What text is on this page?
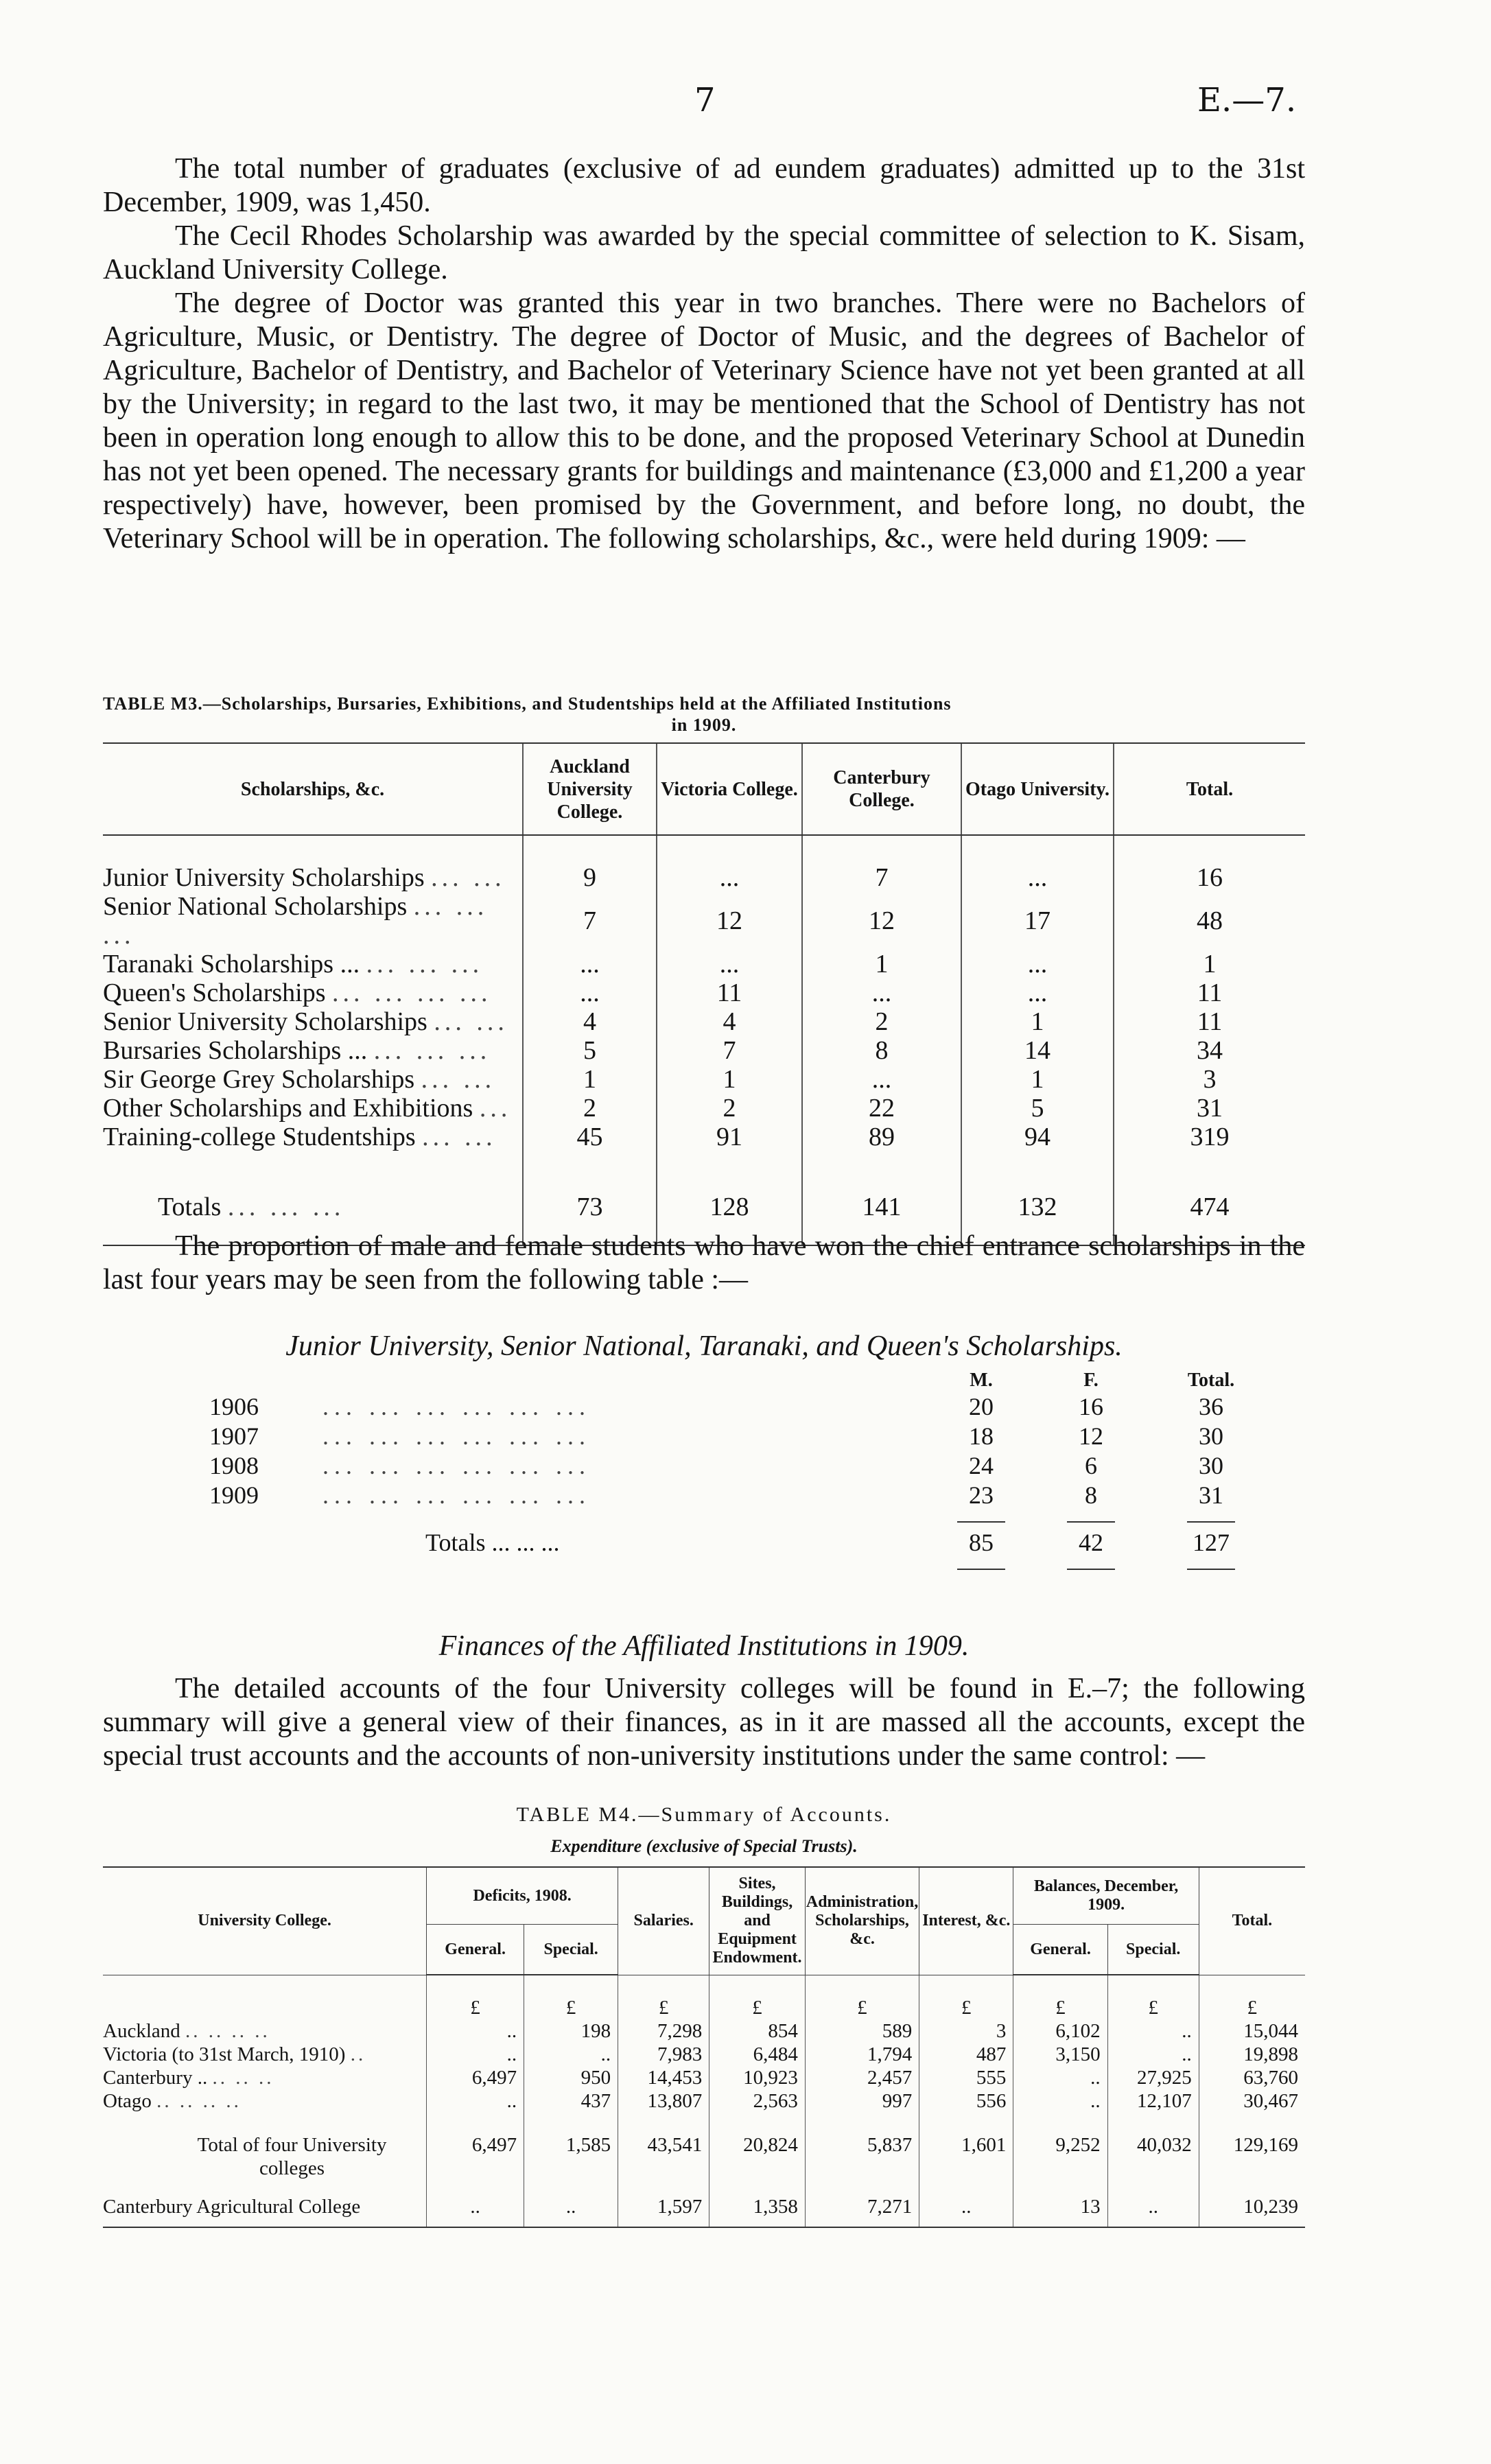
7	E.—7.

The total number of graduates (exclusive of ad eundem graduates) admitted up to the 31st December, 1909, was 1,450.

The Cecil Rhodes Scholarship was awarded by the special committee of selection to K. Sisam, Auckland University College.

The degree of Doctor was granted this year in two branches. There were no Bachelors of Agriculture, Music, or Dentistry. The degree of Doctor of Music, and the degrees of Bachelor of Agriculture, Bachelor of Dentistry, and Bachelor of Veterinary Science have not yet been granted at all by the University; in regard to the last two, it may be mentioned that the School of Dentistry has not been in operation long enough to allow this to be done, and the proposed Veterinary School at Dunedin has not yet been opened. The necessary grants for buildings and maintenance (£3,000 and £1,200 a year respectively) have, however, been promised by the Government, and before long, no doubt, the Veterinary School will be in operation. The following scholarships, &c., were held during 1909: —

TABLE M3.—Scholarships, Bursaries, Exhibitions, and Studentships held at the Affiliated Institutions
in 1909.
Scholarships, &c.	Auckland University College.	Victoria College.	Canterbury College.	Otago University.	Total.
Junior University Scholarships ... ...	9	...	7	...	16
Senior National Scholarships ... ... ...	7	12	12	17	48
Taranaki Scholarships ... ... ... ...	...	...	1	...	1
Queen's Scholarships ... ... ... ...	...	11	...	...	11
Senior University Scholarships ... ...	4	4	2	1	11
Bursaries Scholarships ... ... ... ...	5	7	8	14	34
Sir George Grey Scholarships ... ...	1	1	...	1	3
Other Scholarships and Exhibitions ...	2	2	22	5	31
Training-college Studentships ... ...	45	91	89	94	319

Totals ... ... ...	73	128	141	132	474

The proportion of male and female students who have won the chief entrance scholarships in the last four years may be seen from the following table :—

Junior University, Senior National, Taranaki, and Queen's Scholarships.
		M.	F.	Total.
1906	... ... ... ... ... ...	20	16	36
1907	... ... ... ... ... ...	18	12	30
1908	... ... ... ... ... ...	24	6	30
1909	... ... ... ... ... ...	23	8	31

	Totals ... ... ...	85	42	127

Finances of the Affiliated Institutions in 1909.

The detailed accounts of the four University colleges will be found in E.–7; the following summary will give a general view of their finances, as in it are massed all the accounts, except the special trust accounts and the accounts of non-university institutions under the same control: —

TABLE M4.—Summary of Accounts.
Expenditure (exclusive of Special Trusts).
University College.	Deficits, 1908.		Salaries.	Sites, Buildings, and Equipment Endowment.	Administration, Scholarships, &c.	Interest, &c.	Balances, December, 1909.		Total.
	General.	Special.					General.	Special.	
	£	£	£	£	£	£	£	£	£
Auckland .. .. .. ..	..	198	7,298	854	589	3	6,102	..	15,044
Victoria (to 31st March, 1910) ..	..	..	7,983	6,484	1,794	487	3,150	..	19,898
Canterbury .. .. .. ..	6,497	950	14,453	10,923	2,457	555	..	27,925	63,760
Otago .. .. .. ..	..	437	13,807	2,563	997	556	..	12,107	30,467
Total of four University colleges	6,497	1,585	43,541	20,824	5,837	1,601	9,252	40,032	129,169
Canterbury Agricultural College	..	..	1,597	1,358	7,271	..	13	..	10,239
